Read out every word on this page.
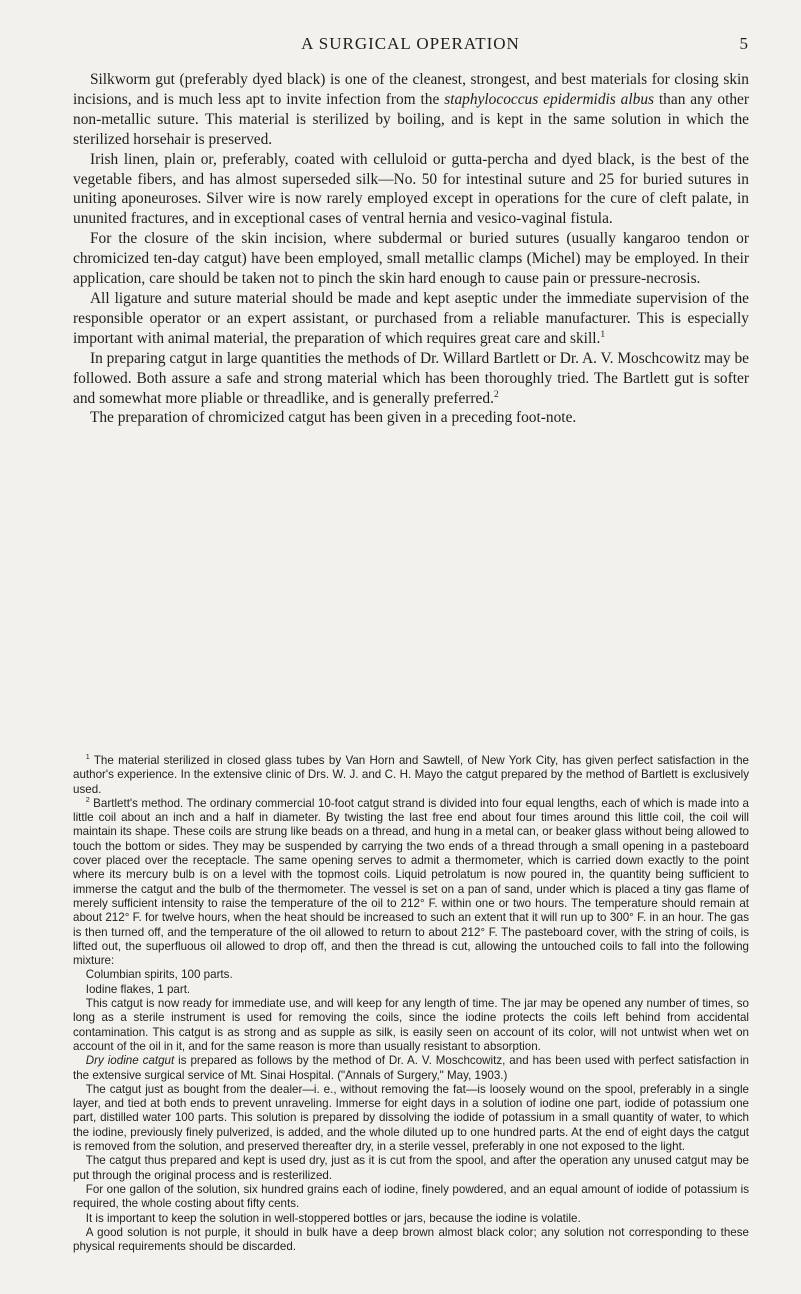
A SURGICAL OPERATION	5

Silkworm gut (preferably dyed black) is one of the cleanest, strongest, and best materials for closing skin incisions, and is much less apt to invite infection from the staphylococcus epidermidis albus than any other non-metallic suture. This material is sterilized by boiling, and is kept in the same solution in which the sterilized horsehair is preserved.

Irish linen, plain or, preferably, coated with celluloid or gutta-percha and dyed black, is the best of the vegetable fibers, and has almost superseded silk—No. 50 for intestinal suture and 25 for buried sutures in uniting aponeuroses. Silver wire is now rarely employed except in operations for the cure of cleft palate, in ununited fractures, and in exceptional cases of ventral hernia and vesico-vaginal fistula.

For the closure of the skin incision, where subdermal or buried sutures (usually kangaroo tendon or chromicized ten-day catgut) have been employed, small metallic clamps (Michel) may be employed. In their application, care should be taken not to pinch the skin hard enough to cause pain or pressure-necrosis.

All ligature and suture material should be made and kept aseptic under the immediate supervision of the responsible operator or an expert assistant, or purchased from a reliable manufacturer. This is especially important with animal material, the preparation of which requires great care and skill.$^1$

In preparing catgut in large quantities the methods of Dr. Willard Bartlett or Dr. A. V. Moschcowitz may be followed. Both assure a safe and strong material which has been thoroughly tried. The Bartlett gut is softer and somewhat more pliable or threadlike, and is generally preferred.$^2$

The preparation of chromicized catgut has been given in a preceding foot-note.

$^1$ The material sterilized in closed glass tubes by Van Horn and Sawtell, of New York City, has given perfect satisfaction in the author's experience. In the extensive clinic of Drs. W. J. and C. H. Mayo the catgut prepared by the method of Bartlett is exclusively used.

$^2$ Bartlett's method. The ordinary commercial 10-foot catgut strand is divided into four equal lengths, each of which is made into a little coil about an inch and a half in diameter. By twisting the last free end about four times around this little coil, the coil will maintain its shape. These coils are strung like beads on a thread, and hung in a metal can, or beaker glass without being allowed to touch the bottom or sides. They may be suspended by carrying the two ends of a thread through a small opening in a pasteboard cover placed over the receptacle. The same opening serves to admit a thermometer, which is carried down exactly to the point where its mercury bulb is on a level with the topmost coils. Liquid petrolatum is now poured in, the quantity being sufficient to immerse the catgut and the bulb of the thermometer. The vessel is set on a pan of sand, under which is placed a tiny gas flame of merely sufficient intensity to raise the temperature of the oil to 212° F. within one or two hours. The temperature should remain at about 212° F. for twelve hours, when the heat should be increased to such an extent that it will run up to 300° F. in an hour. The gas is then turned off, and the temperature of the oil allowed to return to about 212° F. The pasteboard cover, with the string of coils, is lifted out, the superfluous oil allowed to drop off, and then the thread is cut, allowing the untouched coils to fall into the following mixture:

Columbian spirits, 100 parts.

Iodine flakes, 1 part.

This catgut is now ready for immediate use, and will keep for any length of time. The jar may be opened any number of times, so long as a sterile instrument is used for removing the coils, since the iodine protects the coils left behind from accidental contamination. This catgut is as strong and as supple as silk, is easily seen on account of its color, will not untwist when wet on account of the oil in it, and for the same reason is more than usually resistant to absorption.

Dry iodine catgut is prepared as follows by the method of Dr. A. V. Moschcowitz, and has been used with perfect satisfaction in the extensive surgical service of Mt. Sinai Hospital. ("Annals of Surgery," May, 1903.)

The catgut just as bought from the dealer—i. e., without removing the fat—is loosely wound on the spool, preferably in a single layer, and tied at both ends to prevent unraveling. Immerse for eight days in a solution of iodine one part, iodide of potassium one part, distilled water 100 parts. This solution is prepared by dissolving the iodide of potassium in a small quantity of water, to which the iodine, previously finely pulverized, is added, and the whole diluted up to one hundred parts. At the end of eight days the catgut is removed from the solution, and preserved thereafter dry, in a sterile vessel, preferably in one not exposed to the light.

The catgut thus prepared and kept is used dry, just as it is cut from the spool, and after the operation any unused catgut may be put through the original process and is resterilized.

For one gallon of the solution, six hundred grains each of iodine, finely powdered, and an equal amount of iodide of potassium is required, the whole costing about fifty cents.

It is important to keep the solution in well-stoppered bottles or jars, because the iodine is volatile.

A good solution is not purple, it should in bulk have a deep brown almost black color; any solution not corresponding to these physical requirements should be discarded.
